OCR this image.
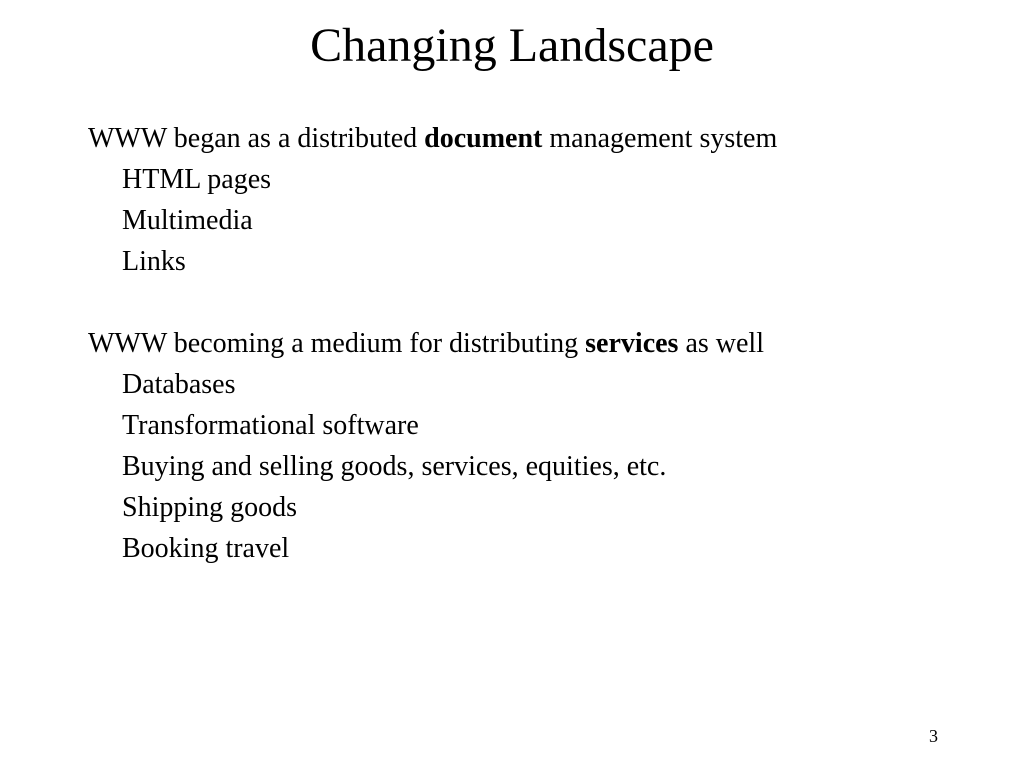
Changing Landscape
WWW began as a distributed document management system
HTML pages
Multimedia
Links
WWW becoming a medium for distributing services as well
Databases
Transformational software
Buying and selling goods, services, equities, etc.
Shipping goods
Booking travel
3
